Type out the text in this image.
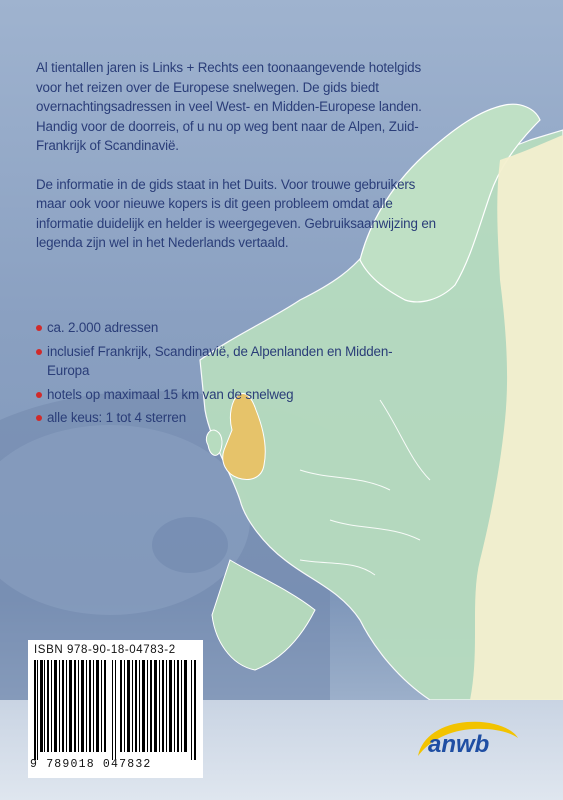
Al tientallen jaren is Links + Rechts een toonaangevende hotelgids voor het reizen over de Europese snelwegen. De gids biedt overnachtingsadressen in veel West- en Midden-Europese landen. Handig voor de doorreis, of u nu op weg bent naar de Alpen, Zuid-Frankrijk of Scandinavië.

De informatie in de gids staat in het Duits. Voor trouwe gebruikers maar ook voor nieuwe kopers is dit geen probleem omdat alle informatie duidelijk en helder is weergegeven. Gebruiksaanwijzing en legenda zijn wel in het Nederlands vertaald.

ca. 2.000 adressen
inclusief Frankrijk, Scandinavië, de Alpenlanden en Midden-Europa
hotels op maximaal 15 km van de snelweg
alle keus: 1 tot 4 sterren
ISBN 978-90-18-04783-2
9 789018 047832
anwb
